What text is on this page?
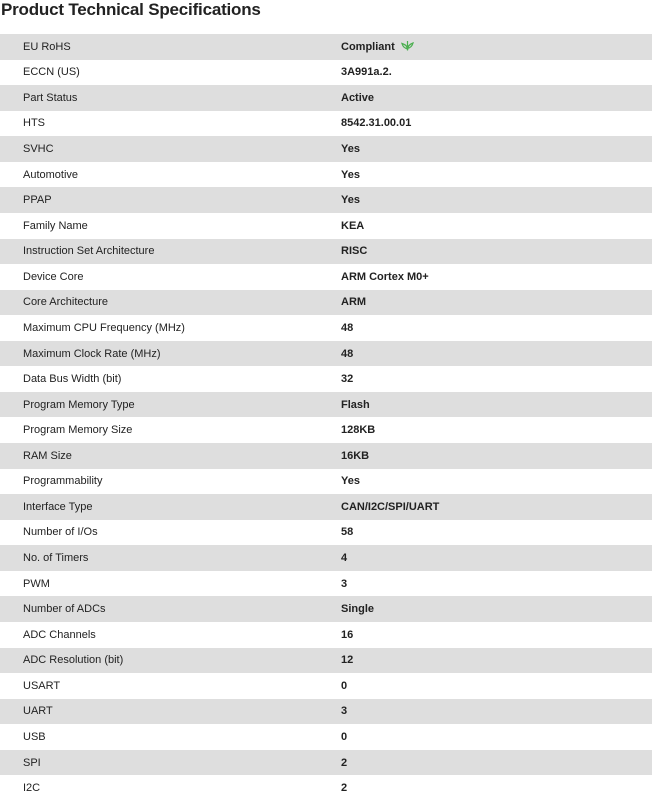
Product Technical Specifications
EU RoHS	Compliant
ECCN (US)	3A991a.2.
Part Status	Active
HTS	8542.31.00.01
SVHC	Yes
Automotive	Yes
PPAP	Yes
Family Name	KEA
Instruction Set Architecture	RISC
Device Core	ARM Cortex M0+
Core Architecture	ARM
Maximum CPU Frequency (MHz)	48
Maximum Clock Rate (MHz)	48
Data Bus Width (bit)	32
Program Memory Type	Flash
Program Memory Size	128KB
RAM Size	16KB
Programmability	Yes
Interface Type	CAN/I2C/SPI/UART
Number of I/Os	58
No. of Timers	4
PWM	3
Number of ADCs	Single
ADC Channels	16
ADC Resolution (bit)	12
USART	0
UART	3
USB	0
SPI	2
I2C	2
